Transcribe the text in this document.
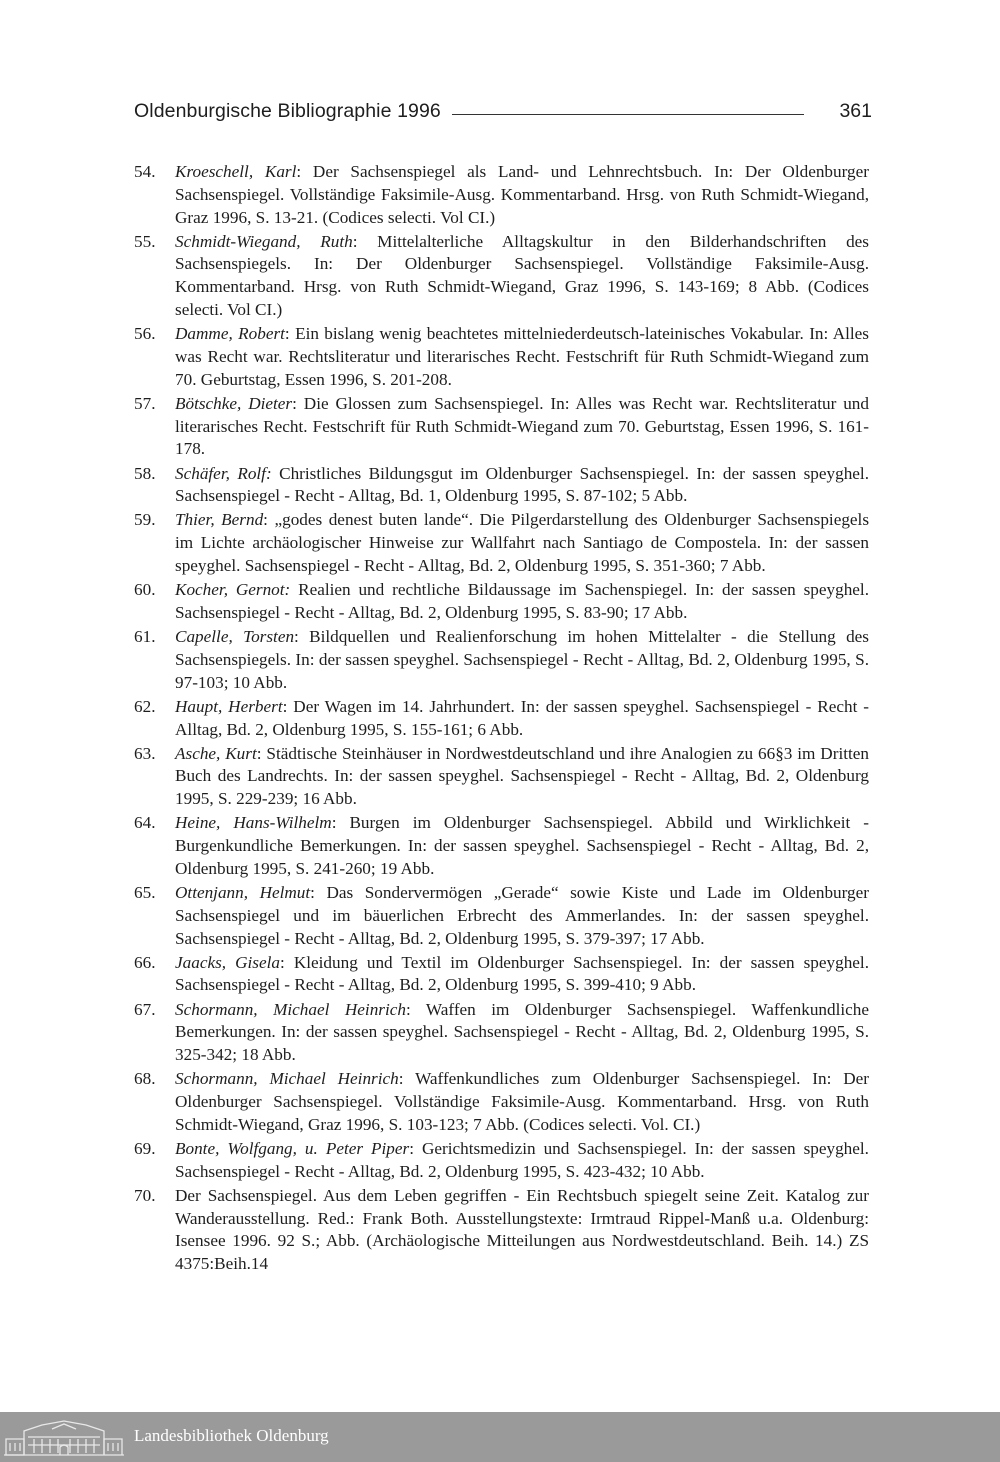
Oldenburgische Bibliographie 1996	361
54. Kroeschell, Karl: Der Sachsenspiegel als Land- und Lehnrechtsbuch. In: Der Oldenburger Sachsenspiegel. Vollständige Faksimile-Ausg. Kommentarband. Hrsg. von Ruth Schmidt-Wiegand, Graz 1996, S. 13-21. (Codices selecti. Vol CI.)
55. Schmidt-Wiegand, Ruth: Mittelalterliche Alltagskultur in den Bilderhandschriften des Sachsenspiegels. In: Der Oldenburger Sachsenspiegel. Vollständige Faksimile-Ausg. Kommentarband. Hrsg. von Ruth Schmidt-Wiegand, Graz 1996, S. 143-169; 8 Abb. (Codices selecti. Vol CI.)
56. Damme, Robert: Ein bislang wenig beachtetes mittelniederdeutsch-lateinisches Vokabular. In: Alles was Recht war. Rechtsliteratur und literarisches Recht. Festschrift für Ruth Schmidt-Wiegand zum 70. Geburtstag, Essen 1996, S. 201-208.
57. Bötschke, Dieter: Die Glossen zum Sachsenspiegel. In: Alles was Recht war. Rechtsliteratur und literarisches Recht. Festschrift für Ruth Schmidt-Wiegand zum 70. Geburtstag, Essen 1996, S. 161-178.
58. Schäfer, Rolf: Christliches Bildungsgut im Oldenburger Sachsenspiegel. In: der sassen speyghel. Sachsenspiegel - Recht - Alltag, Bd. 1, Oldenburg 1995, S. 87-102; 5 Abb.
59. Thier, Bernd: „godes denest buten lande“. Die Pilgerdarstellung des Oldenburger Sachsenspiegels im Lichte archäologischer Hinweise zur Wallfahrt nach Santiago de Compostela. In: der sassen speyghel. Sachsenspiegel - Recht - Alltag, Bd. 2, Oldenburg 1995, S. 351-360; 7 Abb.
60. Kocher, Gernot: Realien und rechtliche Bildaussage im Sachenspiegel. In: der sassen speyghel. Sachsenspiegel - Recht - Alltag, Bd. 2, Oldenburg 1995, S. 83-90; 17 Abb.
61. Capelle, Torsten: Bildquellen und Realienforschung im hohen Mittelalter - die Stellung des Sachsenspiegels. In: der sassen speyghel. Sachsenspiegel - Recht - Alltag, Bd. 2, Oldenburg 1995, S. 97-103; 10 Abb.
62. Haupt, Herbert: Der Wagen im 14. Jahrhundert. In: der sassen speyghel. Sachsenspiegel - Recht - Alltag, Bd. 2, Oldenburg 1995, S. 155-161; 6 Abb.
63. Asche, Kurt: Städtische Steinhäuser in Nordwestdeutschland und ihre Analogien zu 66§3 im Dritten Buch des Landrechts. In: der sassen speyghel. Sachsenspiegel - Recht - Alltag, Bd. 2, Oldenburg 1995, S. 229-239; 16 Abb.
64. Heine, Hans-Wilhelm: Burgen im Oldenburger Sachsenspiegel. Abbild und Wirklichkeit - Burgenkundliche Bemerkungen. In: der sassen speyghel. Sachsenspiegel - Recht - Alltag, Bd. 2, Oldenburg 1995, S. 241-260; 19 Abb.
65. Ottenjann, Helmut: Das Sondervermögen „Gerade“ sowie Kiste und Lade im Oldenburger Sachsenspiegel und im bäuerlichen Erbrecht des Ammerlandes. In: der sassen speyghel. Sachsenspiegel - Recht - Alltag, Bd. 2, Oldenburg 1995, S. 379-397; 17 Abb.
66. Jaacks, Gisela: Kleidung und Textil im Oldenburger Sachsenspiegel. In: der sassen speyghel. Sachsenspiegel - Recht - Alltag, Bd. 2, Oldenburg 1995, S. 399-410; 9 Abb.
67. Schormann, Michael Heinrich: Waffen im Oldenburger Sachsenspiegel. Waffenkundliche Bemerkungen. In: der sassen speyghel. Sachsenspiegel - Recht - Alltag, Bd. 2, Oldenburg 1995, S. 325-342; 18 Abb.
68. Schormann, Michael Heinrich: Waffenkundliches zum Oldenburger Sachsenspiegel. In: Der Oldenburger Sachsenspiegel. Vollständige Faksimile-Ausg. Kommentarband. Hrsg. von Ruth Schmidt-Wiegand, Graz 1996, S. 103-123; 7 Abb. (Codices selecti. Vol. CI.)
69. Bonte, Wolfgang, u. Peter Piper: Gerichtsmedizin und Sachsenspiegel. In: der sassen speyghel. Sachsenspiegel - Recht - Alltag, Bd. 2, Oldenburg 1995, S. 423-432; 10 Abb.
70. Der Sachsenspiegel. Aus dem Leben gegriffen - Ein Rechtsbuch spiegelt seine Zeit. Katalog zur Wanderausstellung. Red.: Frank Both. Ausstellungstexte: Irmtraud Rippel-Manß u.a. Oldenburg: Isensee 1996. 92 S.; Abb. (Archäologische Mitteilungen aus Nordwestdeutschland. Beih. 14.) ZS 4375:Beih.14
Landesbibliothek Oldenburg
